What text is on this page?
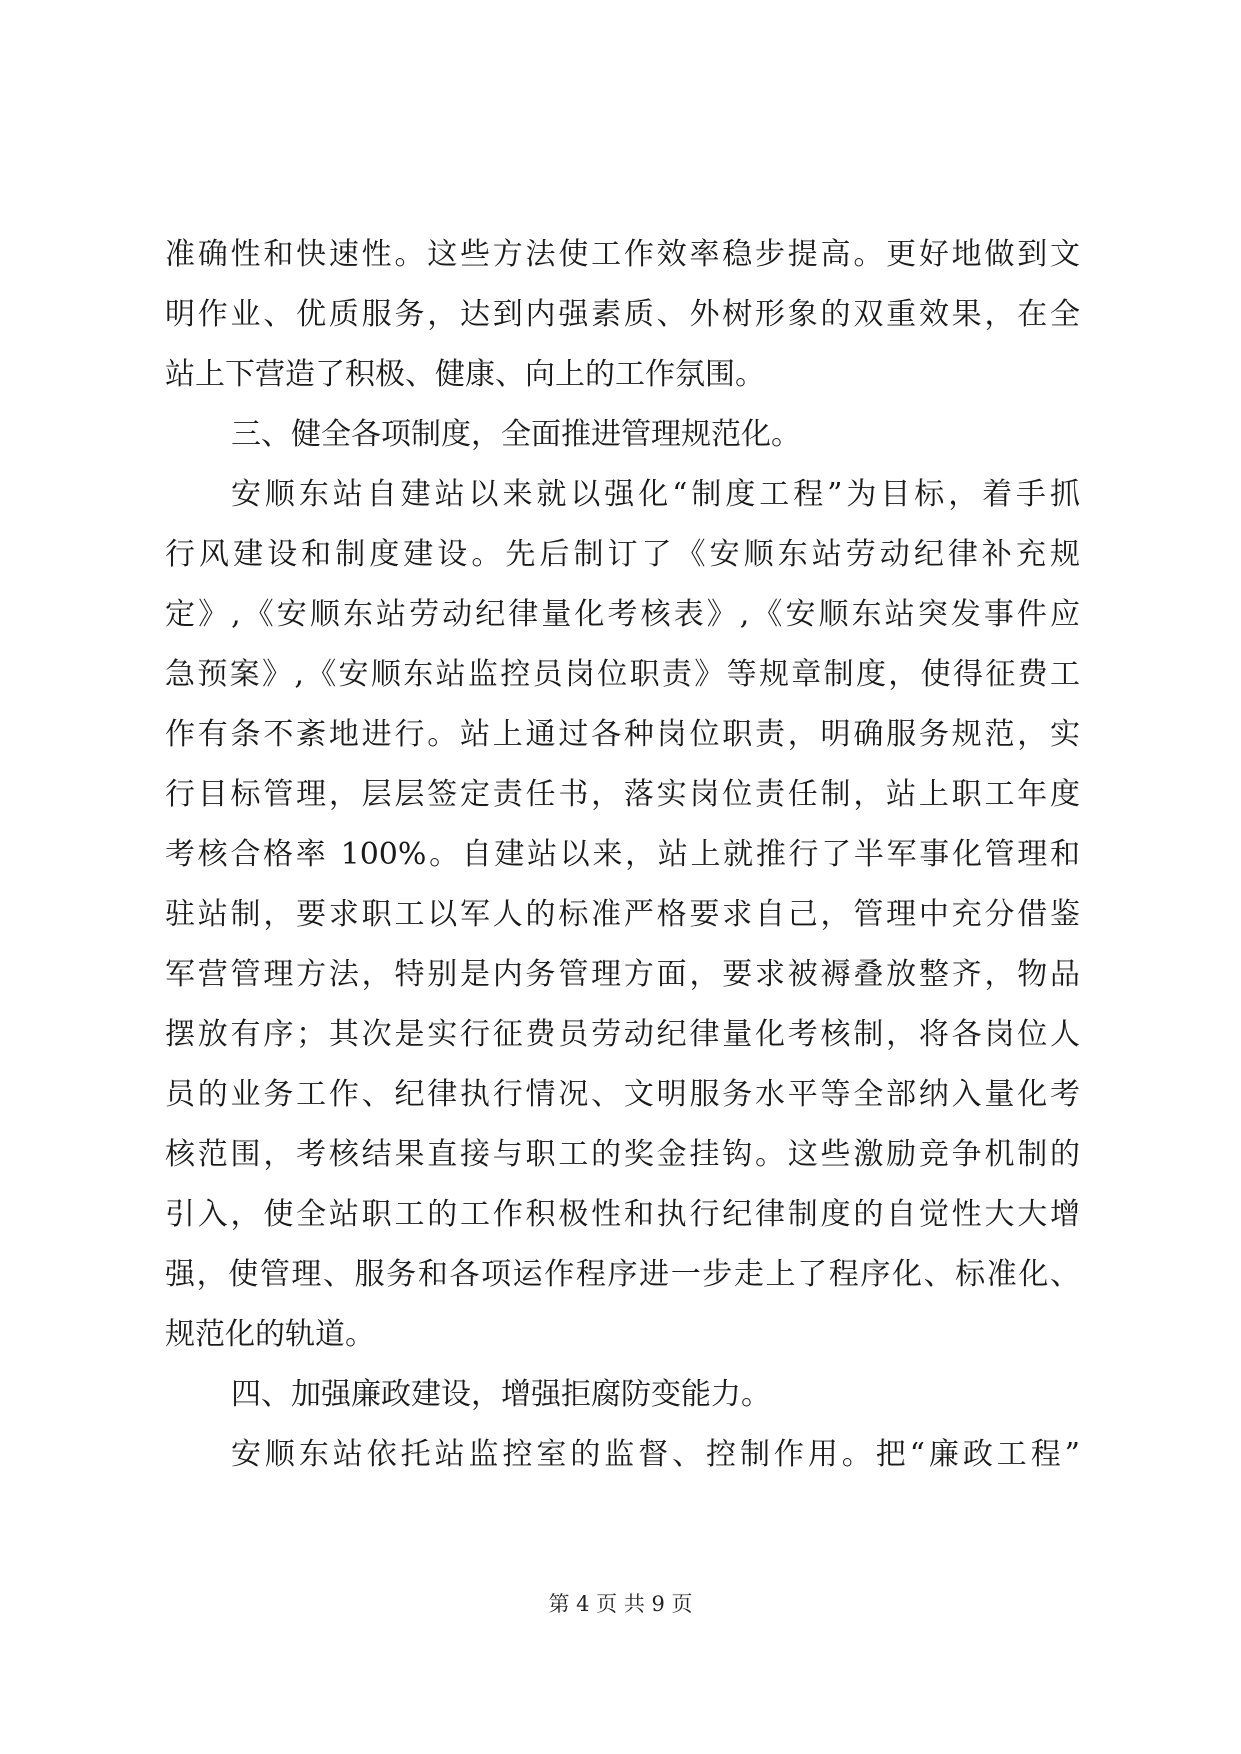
准确性和快速性。这些方法使工作效率稳步提高。更好地做到文
明作业、优质服务，达到内强素质、外树形象的双重效果，在全
站上下营造了积极、健康、向上的工作氛围。
三、健全各项制度，全面推进管理规范化。
安顺东站自建站以来就以强化“制度工程”为目标，着手抓
行风建设和制度建设。先后制订了《安顺东站劳动纪律补充规
定》,《安顺东站劳动纪律量化考核表》,《安顺东站突发事件应
急预案》,《安顺东站监控员岗位职责》等规章制度，使得征费工
作有条不紊地进行。站上通过各种岗位职责，明确服务规范，实
行目标管理，层层签定责任书，落实岗位责任制，站上职工年度
考核合格率 100%。自建站以来，站上就推行了半军事化管理和
驻站制，要求职工以军人的标准严格要求自己，管理中充分借鉴
军营管理方法，特别是内务管理方面，要求被褥叠放整齐，物品
摆放有序；其次是实行征费员劳动纪律量化考核制，将各岗位人
员的业务工作、纪律执行情况、文明服务水平等全部纳入量化考
核范围，考核结果直接与职工的奖金挂钩。这些激励竞争机制的
引入，使全站职工的工作积极性和执行纪律制度的自觉性大大增
强，使管理、服务和各项运作程序进一步走上了程序化、标准化、
规范化的轨道。
四、加强廉政建设，增强拒腐防变能力。
安顺东站依托站监控室的监督、控制作用。把“廉政工程”
第 4 页 共 9 页
